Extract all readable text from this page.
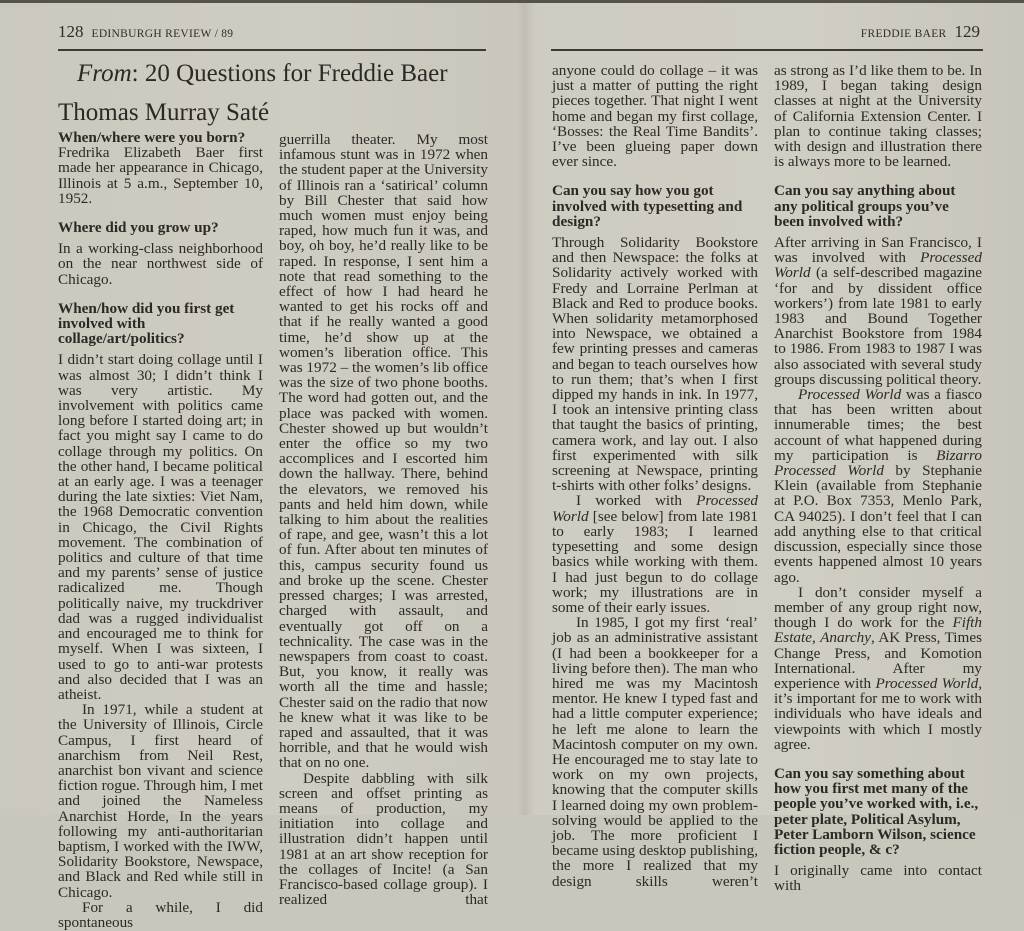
128 EDINBURGH REVIEW / 89
From: 20 Questions for Freddie Baer
Thomas Murray Saté
FREDDIE BAER 129

When/where were you born?

Fredrika Elizabeth Baer first made her appearance in Chicago, Illinois at 5 a.m., September 10, 1952.

Where did you grow up?

In a working-class neighborhood on the near northwest side of Chicago.

When/how did you first get involved with collage/art/politics?

I didn’t start doing collage until I was almost 30; I didn’t think I was very artistic. My involvement with politics came long before I started doing art; in fact you might say I came to do collage through my politics. On the other hand, I became political at an early age. I was a teenager during the late sixties: Viet Nam, the 1968 Democratic convention in Chicago, the Civil Rights movement. The combination of politics and culture of that time and my parents’ sense of justice radicalized me. Though politically naive, my truckdriver dad was a rugged individualist and encouraged me to think for myself. When I was sixteen, I used to go to anti-war protests and also decided that I was an atheist.

In 1971, while a student at the University of Illinois, Circle Campus, I first heard of anarchism from Neil Rest, anarchist bon vivant and science fiction rogue. Through him, I met and joined the Nameless Anarchist Horde, In the years following my anti-authoritarian baptism, I worked with the IWW, Solidarity Bookstore, Newspace, and Black and Red while still in Chicago.

For a while, I did spontaneous

guerrilla theater. My most infamous stunt was in 1972 when the student paper at the University of Illinois ran a ‘satirical’ column by Bill Chester that said how much women must enjoy being raped, how much fun it was, and boy, oh boy, he’d really like to be raped. In response, I sent him a note that read something to the effect of how I had heard he wanted to get his rocks off and that if he really wanted a good time, he’d show up at the women’s liberation office. This was 1972 – the women’s lib office was the size of two phone booths. The word had gotten out, and the place was packed with women. Chester showed up but wouldn’t enter the office so my two accomplices and I escorted him down the hallway. There, behind the elevators, we removed his pants and held him down, while talking to him about the realities of rape, and gee, wasn’t this a lot of fun. After about ten minutes of this, campus security found us and broke up the scene. Chester pressed charges; I was arrested, charged with assault, and eventually got off on a technicality. The case was in the newspapers from coast to coast. But, you know, it really was worth all the time and hassle; Chester said on the radio that now he knew what it was like to be raped and assaulted, that it was horrible, and that he would wish that on no one.

Despite dabbling with silk screen and offset printing as means of production, my initiation into collage and illustration didn’t happen until 1981 at an art show reception for the collages of Incite! (a San Francisco-based collage group). I realized that

anyone could do collage – it was just a matter of putting the right pieces together. That night I went home and began my first collage, ‘Bosses: the Real Time Bandits’. I’ve been glueing paper down ever since.

Can you say how you got involved with typesetting and design?

Through Solidarity Bookstore and then Newspace: the folks at Solidarity actively worked with Fredy and Lorraine Perlman at Black and Red to produce books. When solidarity metamorphosed into Newspace, we obtained a few printing presses and cameras and began to teach ourselves how to run them; that’s when I first dipped my hands in ink. In 1977, I took an intensive printing class that taught the basics of printing, camera work, and lay out. I also first experimented with silk screening at Newspace, printing t-shirts with other folks’ designs.

I worked with Processed World [see below] from late 1981 to early 1983; I learned typesetting and some design basics while working with them. I had just begun to do collage work; my illustrations are in some of their early issues.

In 1985, I got my first ‘real’ job as an administrative assistant (I had been a bookkeeper for a living before then). The man who hired me was my Macintosh mentor. He knew I typed fast and had a little computer experience; he left me alone to learn the Macintosh computer on my own. He encouraged me to stay late to work on my own projects, knowing that the computer skills I learned doing my own problem-solving would be applied to the job. The more proficient I became using desktop publishing, the more I realized that my design skills weren’t

as strong as I’d like them to be. In 1989, I began taking design classes at night at the University of California Extension Center. I plan to continue taking classes; with design and illustration there is always more to be learned.

Can you say anything about any political groups you’ve been involved with?

After arriving in San Francisco, I was involved with Processed World (a self-described magazine ‘for and by dissident office workers’) from late 1981 to early 1983 and Bound Together Anarchist Bookstore from 1984 to 1986. From 1983 to 1987 I was also associated with several study groups discussing political theory.

Processed World was a fiasco that has been written about innumerable times; the best account of what happened during my participation is Bizarro Processed World by Stephanie Klein (available from Stephanie at P.O. Box 7353, Menlo Park, CA 94025). I don’t feel that I can add anything else to that critical discussion, especially since those events happened almost 10 years ago.

I don’t consider myself a member of any group right now, though I do work for the Fifth Estate, Anarchy, AK Press, Times Change Press, and Komotion International. After my experience with Processed World, it’s important for me to work with individuals who have ideals and viewpoints with which I mostly agree.

Can you say something about how you first met many of the people you’ve worked with, i.e., peter plate, Political Asylum, Peter Lamborn Wilson, science fiction people, & c?

I originally came into contact with
